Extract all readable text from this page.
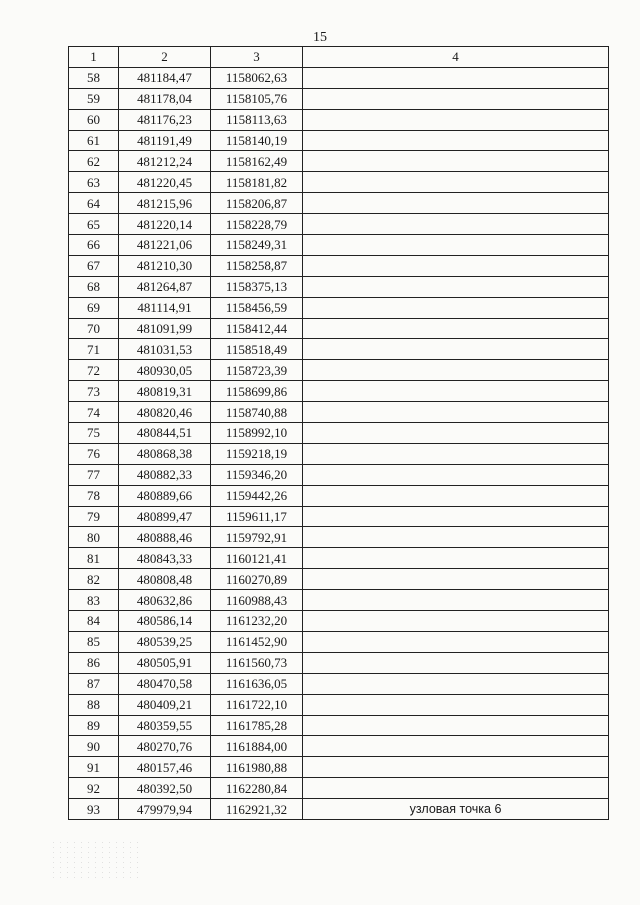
15
1	2	3	4
58	481184,47	1158062,63	
59	481178,04	1158105,76	
60	481176,23	1158113,63	
61	481191,49	1158140,19	
62	481212,24	1158162,49	
63	481220,45	1158181,82	
64	481215,96	1158206,87	
65	481220,14	1158228,79	
66	481221,06	1158249,31	
67	481210,30	1158258,87	
68	481264,87	1158375,13	
69	481114,91	1158456,59	
70	481091,99	1158412,44	
71	481031,53	1158518,49	
72	480930,05	1158723,39	
73	480819,31	1158699,86	
74	480820,46	1158740,88	
75	480844,51	1158992,10	
76	480868,38	1159218,19	
77	480882,33	1159346,20	
78	480889,66	1159442,26	
79	480899,47	1159611,17	
80	480888,46	1159792,91	
81	480843,33	1160121,41	
82	480808,48	1160270,89	
83	480632,86	1160988,43	
84	480586,14	1161232,20	
85	480539,25	1161452,90	
86	480505,91	1161560,73	
87	480470,58	1161636,05	
88	480409,21	1161722,10	
89	480359,55	1161785,28	
90	480270,76	1161884,00	
91	480157,46	1161980,88	
92	480392,50	1162280,84	
93	479979,94	1162921,32	узловая точка 6
